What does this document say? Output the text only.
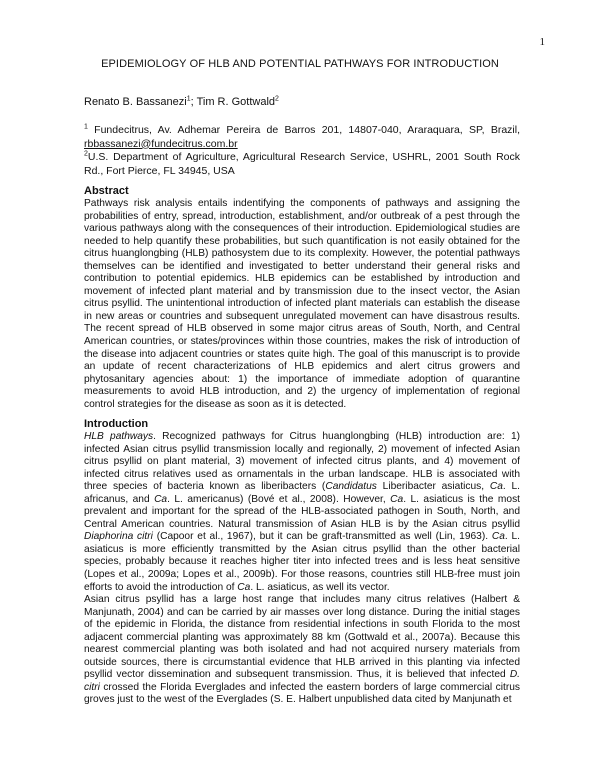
1
EPIDEMIOLOGY OF HLB AND POTENTIAL PATHWAYS FOR INTRODUCTION
Renato B. Bassanezi$^1$; Tim R. Gottwald$^2$
$^1$ Fundecitrus, Av. Adhemar Pereira de Barros 201, 14807-040, Araraquara, SP, Brazil, rbbassanezi@fundecitrus.com.br
$^2$U.S. Department of Agriculture, Agricultural Research Service, USHRL, 2001 South Rock Rd., Fort Pierce, FL 34945, USA
Abstract

Pathways risk analysis entails indentifying the components of pathways and assigning the probabilities of entry, spread, introduction, establishment, and/or outbreak of a pest through the various pathways along with the consequences of their introduction. Epidemiological studies are needed to help quantify these probabilities, but such quantification is not easily obtained for the citrus huanglongbing (HLB) pathosystem due to its complexity. However, the potential pathways themselves can be identified and investigated to better understand their general risks and contribution to potential epidemics. HLB epidemics can be established by introduction and movement of infected plant material and by transmission due to the insect vector, the Asian citrus psyllid. The unintentional introduction of infected plant materials can establish the disease in new areas or countries and subsequent unregulated movement can have disastrous results. The recent spread of HLB observed in some major citrus areas of South, North, and Central American countries, or states/provinces within those countries, makes the risk of introduction of the disease into adjacent countries or states quite high. The goal of this manuscript is to provide an update of recent characterizations of HLB epidemics and alert citrus growers and phytosanitary agencies about: 1) the importance of immediate adoption of quarantine measurements to avoid HLB introduction, and 2) the urgency of implementation of regional control strategies for the disease as soon as it is detected.

Introduction

HLB pathways. Recognized pathways for Citrus huanglongbing (HLB) introduction are: 1) infected Asian citrus psyllid transmission locally and regionally, 2) movement of infected Asian citrus psyllid on plant material, 3) movement of infected citrus plants, and 4) movement of infected citrus relatives used as ornamentals in the urban landscape. HLB is associated with three species of bacteria known as liberibacters (Candidatus Liberibacter asiaticus, Ca. L. africanus, and Ca. L. americanus) (Bové et al., 2008). However, Ca. L. asiaticus is the most prevalent and important for the spread of the HLB-associated pathogen in South, North, and Central American countries. Natural transmission of Asian HLB is by the Asian citrus psyllid Diaphorina citri (Capoor et al., 1967), but it can be graft-transmitted as well (Lin, 1963). Ca. L. asiaticus is more efficiently transmitted by the Asian citrus psyllid than the other bacterial species, probably because it reaches higher titer into infected trees and is less heat sensitive (Lopes et al., 2009a; Lopes et al., 2009b). For those reasons, countries still HLB-free must join efforts to avoid the introduction of Ca. L. asiaticus, as well its vector.

Asian citrus psyllid has a large host range that includes many citrus relatives (Halbert & Manjunath, 2004) and can be carried by air masses over long distance. During the initial stages of the epidemic in Florida, the distance from residential infections in south Florida to the most adjacent commercial planting was approximately 88 km (Gottwald et al., 2007a). Because this nearest commercial planting was both isolated and had not acquired nursery materials from outside sources, there is circumstantial evidence that HLB arrived in this planting via infected psyllid vector dissemination and subsequent transmission. Thus, it is believed that infected D. citri crossed the Florida Everglades and infected the eastern borders of large commercial citrus groves just to the west of the Everglades (S. E. Halbert unpublished data cited by Manjunath et
